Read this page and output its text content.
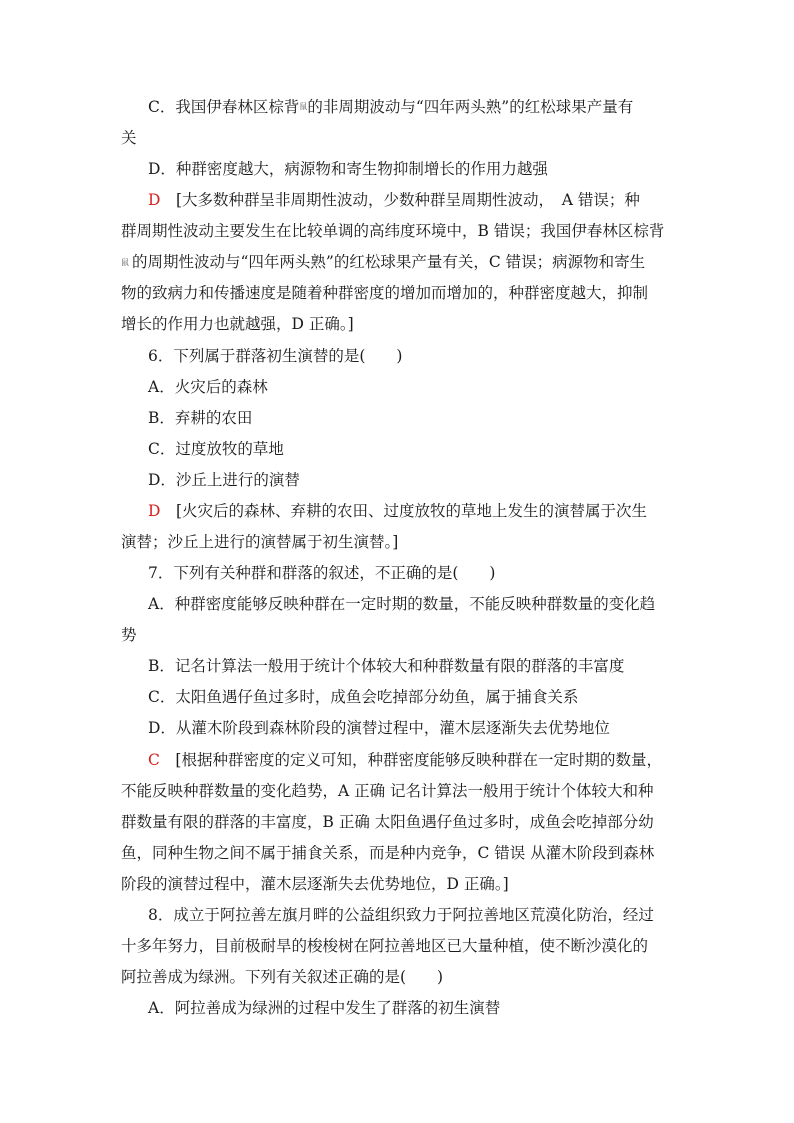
C．我国伊春林区棕背鼠的非周期波动与“四年两头熟”的红松球果产量有
关
D．种群密度越大，病源物和寄生物抑制增长的作用力越强
D　 [大多数种群呈非周期性波动，少数种群呈周期性波动，　A 错误；种
群周期性波动主要发生在比较单调的高纬度环境中，B 错误；我国伊春林区棕背
鼠 的周期性波动与“四年两头熟”的红松球果产量有关，C 错误；病源物和寄生
物的致病力和传播速度是随着种群密度的增加而增加的，种群密度越大，抑制
增长的作用力也就越强，D 正确。]
6．下列属于群落初生演替的是(　　)
A．火灾后的森林
B．弃耕的农田
C．过度放牧的草地
D．沙丘上进行的演替
D　 [火灾后的森林、弃耕的农田、过度放牧的草地上发生的演替属于次生
演替；沙丘上进行的演替属于初生演替。]
7．下列有关种群和群落的叙述，不正确的是(　　)
A．种群密度能够反映种群在一定时期的数量，不能反映种群数量的变化趋
势
B．记名计算法一般用于统计个体较大和种群数量有限的群落的丰富度
C．太阳鱼遇仔鱼过多时，成鱼会吃掉部分幼鱼，属于捕食关系
D．从灌木阶段到森林阶段的演替过程中，灌木层逐渐失去优势地位
C　 [根据种群密度的定义可知，种群密度能够反映种群在一定时期的数量，
不能反映种群数量的变化趋势，A 正确 记名计算法一般用于统计个体较大和种
群数量有限的群落的丰富度，B 正确 太阳鱼遇仔鱼过多时，成鱼会吃掉部分幼
鱼，同种生物之间不属于捕食关系，而是种内竞争，C 错误 从灌木阶段到森林
阶段的演替过程中，灌木层逐渐失去优势地位，D 正确。]
8．成立于阿拉善左旗月畔的公益组织致力于阿拉善地区荒漠化防治，经过
十多年努力，目前极耐旱的梭梭树在阿拉善地区已大量种植，使不断沙漠化的
阿拉善成为绿洲。下列有关叙述正确的是(　　)
A．阿拉善成为绿洲的过程中发生了群落的初生演替
